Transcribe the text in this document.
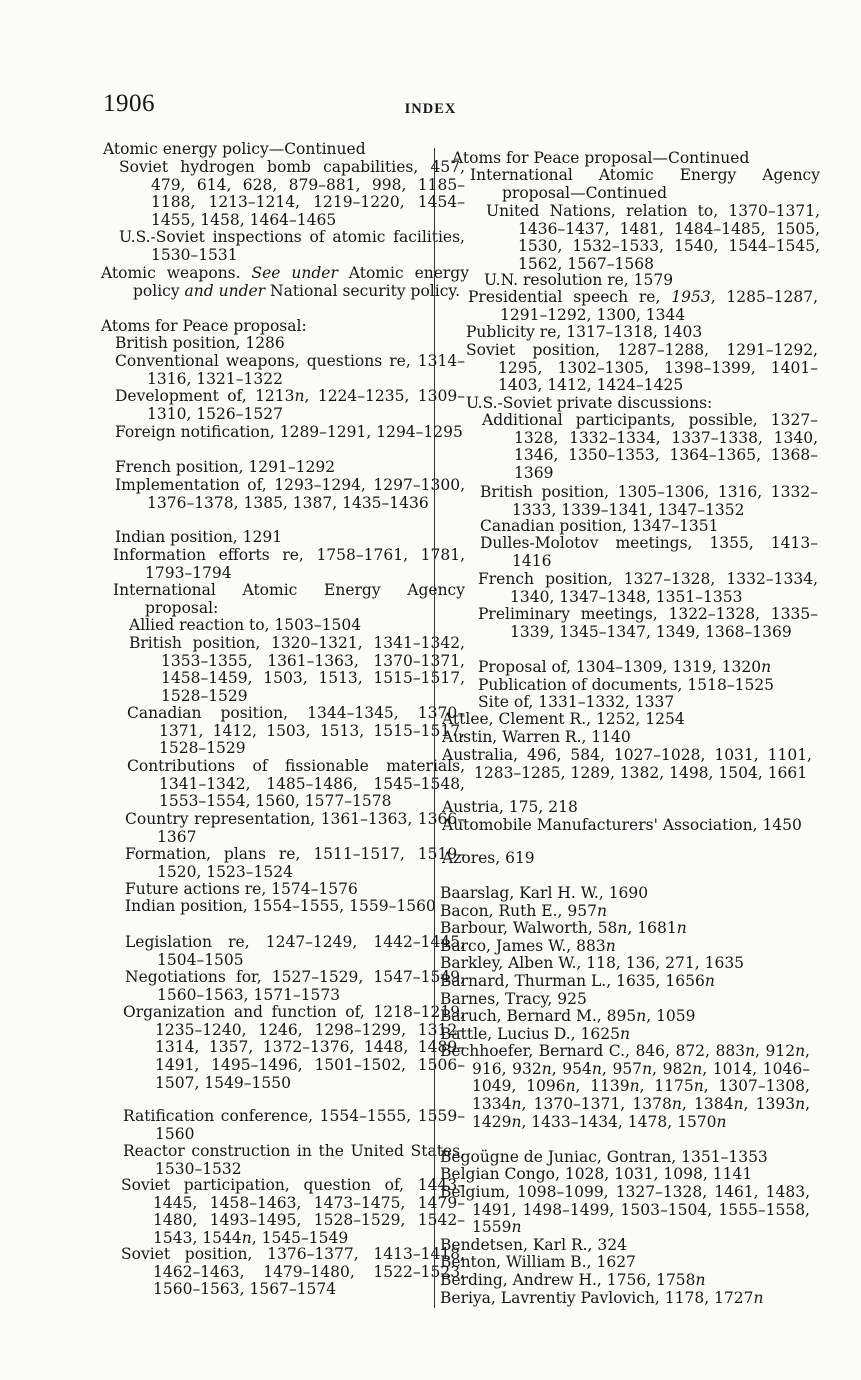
1906	INDEX

Atomic energy policy—Continued

Soviet hydrogen bomb capabilities, 457, 479, 614, 628, 879–881, 998, 1185–1188, 1213–1214, 1219–1220, 1454–1455, 1458, 1464–1465

U.S.-Soviet inspections of atomic facilities, 1530–1531

Atomic weapons. See under Atomic energy policy and under National security policy.

Atoms for Peace proposal:

British position, 1286

Conventional weapons, questions re, 1314–1316, 1321–1322

Development of, 1213n, 1224–1235, 1309–1310, 1526–1527

Foreign notification, 1289–1291, 1294–1295

French position, 1291–1292

Implementation of, 1293–1294, 1297–1300, 1376–1378, 1385, 1387, 1435–1436

Indian position, 1291

Information efforts re, 1758–1761, 1781, 1793–1794

International Atomic Energy Agency proposal:

Allied reaction to, 1503–1504

British position, 1320–1321, 1341–1342, 1353–1355, 1361–1363, 1370–1371, 1458–1459, 1503, 1513, 1515–1517, 1528–1529

Canadian position, 1344–1345, 1370–1371, 1412, 1503, 1513, 1515–1517, 1528–1529

Contributions of fissionable materials, 1341–1342, 1485–1486, 1545–1548, 1553–1554, 1560, 1577–1578

Country representation, 1361–1363, 1366–1367

Formation, plans re, 1511–1517, 1519–1520, 1523–1524

Future actions re, 1574–1576

Indian position, 1554–1555, 1559–1560

Legislation re, 1247–1249, 1442–1445, 1504–1505

Negotiations for, 1527–1529, 1547–1549, 1560–1563, 1571–1573

Organization and function of, 1218–1219, 1235–1240, 1246, 1298–1299, 1312–1314, 1357, 1372–1376, 1448, 1489–1491, 1495–1496, 1501–1502, 1506–1507, 1549–1550

Ratification conference, 1554–1555, 1559–1560

Reactor construction in the United States, 1530–1532

Soviet participation, question of, 1443–1445, 1458–1463, 1473–1475, 1479–1480, 1493–1495, 1528–1529, 1542–1543, 1544n, 1545–1549

Soviet position, 1376–1377, 1413–1418, 1462–1463, 1479–1480, 1522–1523, 1560–1563, 1567–1574

Atoms for Peace proposal—Continued

International Atomic Energy Agency proposal—Continued

United Nations, relation to, 1370–1371, 1436–1437, 1481, 1484–1485, 1505, 1530, 1532–1533, 1540, 1544–1545, 1562, 1567–1568

U.N. resolution re, 1579

Presidential speech re, 1953, 1285–1287, 1291–1292, 1300, 1344

Publicity re, 1317–1318, 1403

Soviet position, 1287–1288, 1291–1292, 1295, 1302–1305, 1398–1399, 1401–1403, 1412, 1424–1425

U.S.-Soviet private discussions:

Additional participants, possible, 1327–1328, 1332–1334, 1337–1338, 1340, 1346, 1350–1353, 1364–1365, 1368–1369

British position, 1305–1306, 1316, 1332–1333, 1339–1341, 1347–1352

Canadian position, 1347–1351

Dulles-Molotov meetings, 1355, 1413–1416

French position, 1327–1328, 1332–1334, 1340, 1347–1348, 1351–1353

Preliminary meetings, 1322–1328, 1335–1339, 1345–1347, 1349, 1368–1369

Proposal of, 1304–1309, 1319, 1320n

Publication of documents, 1518–1525

Site of, 1331–1332, 1337

Attlee, Clement R., 1252, 1254

Austin, Warren R., 1140

Australia, 496, 584, 1027–1028, 1031, 1101, 1283–1285, 1289, 1382, 1498, 1504, 1661

Austria, 175, 218

Automobile Manufacturers' Association, 1450

Azores, 619

Baarslag, Karl H. W., 1690

Bacon, Ruth E., 957n

Barbour, Walworth, 58n, 1681n

Barco, James W., 883n

Barkley, Alben W., 118, 136, 271, 1635

Barnard, Thurman L., 1635, 1656n

Barnes, Tracy, 925

Baruch, Bernard M., 895n, 1059

Battle, Lucius D., 1625n

Bechhoefer, Bernard C., 846, 872, 883n, 912n, 916, 932n, 954n, 957n, 982n, 1014, 1046–1049, 1096n, 1139n, 1175n, 1307–1308, 1334n, 1370–1371, 1378n, 1384n, 1393n, 1429n, 1433–1434, 1478, 1570n

Begoügne de Juniac, Gontran, 1351–1353

Belgian Congo, 1028, 1031, 1098, 1141

Belgium, 1098–1099, 1327–1328, 1461, 1483, 1491, 1498–1499, 1503–1504, 1555–1558, 1559n

Bendetsen, Karl R., 324

Benton, William B., 1627

Berding, Andrew H., 1756, 1758n

Beriya, Lavrentiy Pavlovich, 1178, 1727n
